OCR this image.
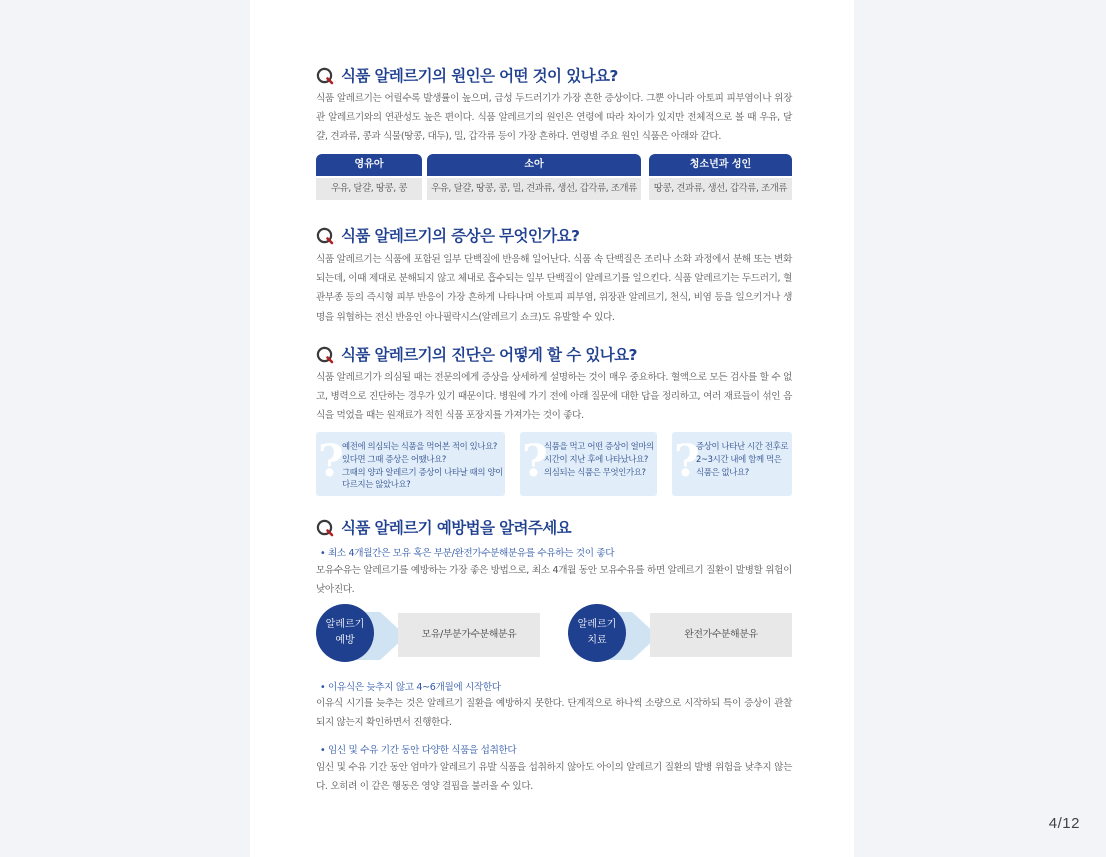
식품 알레르기의 원인은 어떤 것이 있나요?
식품 알레르기는 어릴수록 발생률이 높으며, 급성 두드러기가 가장 흔한 증상이다. 그뿐 아니라 아토피 피부염이나 위장관 알레르기와의 연관성도 높은 편이다. 식품 알레르기의 원인은 연령에 따라 차이가 있지만 전체적으로 볼 때 우유, 달걀, 견과류, 콩과 식물(땅콩, 대두), 밀, 갑각류 등이 가장 흔하다. 연령별 주요 원인 식품은 아래와 같다.
영유아
우유, 달걀, 땅콩, 콩
소아
우유, 달걀, 땅콩, 콩, 밀, 견과류, 생선, 갑각류, 조개류
청소년과 성인
땅콩, 견과류, 생선, 갑각류, 조개류
식품 알레르기의 증상은 무엇인가요?
식품 알레르기는 식품에 포함된 일부 단백질에 반응해 일어난다. 식품 속 단백질은 조리나 소화 과정에서 분해 또는 변화되는데, 이때 제대로 분해되지 않고 체내로 흡수되는 일부 단백질이 알레르기를 일으킨다. 식품 알레르기는 두드러기, 혈관부종 등의 즉시형 피부 반응이 가장 흔하게 나타나며 아토피 피부염, 위장관 알레르기, 천식, 비염 등을 일으키거나 생명을 위협하는 전신 반응인 아나필락시스(알레르기 쇼크)도 유발할 수 있다.
식품 알레르기의 진단은 어떻게 할 수 있나요?
식품 알레르기가 의심될 때는 전문의에게 증상을 상세하게 설명하는 것이 매우 중요하다. 혈액으로 모든 검사를 할 수 없고, 병력으로 진단하는 경우가 있기 때문이다. 병원에 가기 전에 아래 질문에 대한 답을 정리하고, 여러 재료들이 섞인 음식을 먹었을 때는 원재료가 적힌 식품 포장지를 가져가는 것이 좋다.
?
예전에 의심되는 식품을 먹어본 적이 있나요?
있다면 그때 증상은 어땠나요?
그때의 양과 알레르기 증상이 나타날 때의 양이
다르지는 않았나요?	?
식품을 먹고 어떤 증상이 얼마의
시간이 지난 후에 나타났나요?
의심되는 식품은 무엇인가요? ?
증상이 나타난 시간 전후로
2~3시간 내에 함께 먹은
식품은 없나요?
식품 알레르기 예방법을 알려주세요
• 최소 4개월간은 모유 혹은 부분/완전가수분해분유를 수유하는 것이 좋다
모유수유는 알레르기를 예방하는 가장 좋은 방법으로, 최소 4개월 동안 모유수유를 하면 알레르기 질환이 발병할 위험이 낮아진다.
알레르기
예방
모유/부분가수분해분유
알레르기
치료
완전가수분해분유
• 이유식은 늦추지 않고 4~6개월에 시작한다
이유식 시기를 늦추는 것은 알레르기 질환을 예방하지 못한다. 단계적으로 하나씩 소량으로 시작하되 특이 증상이 관찰되지 않는지 확인하면서 진행한다.
• 임신 및 수유 기간 동안 다양한 식품을 섭취한다
임신 및 수유 기간 동안 엄마가 알레르기 유발 식품을 섭취하지 않아도 아이의 알레르기 질환의 발병 위험을 낮추지 않는다. 오히려 이 같은 행동은 영양 결핍을 불러올 수 있다.
4/12
